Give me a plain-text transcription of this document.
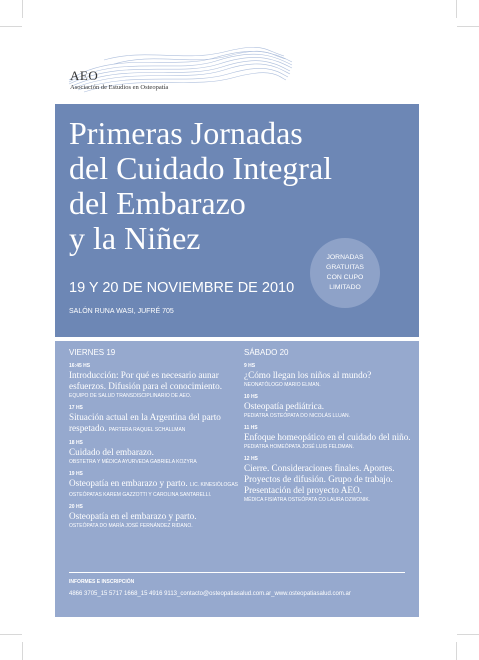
AEO
Asociación de Estudios en Osteopatía
Primeras Jornadas
del Cuidado Integral
del Embarazo
y la Niñez
JORNADAS
GRATUITAS
CON CUPO
LIMITADO
19 Y 20 DE NOVIEMBRE DE 2010
SALÓN RUNA WASI, JUFRÉ 705
VIERNES 19
16:45 HS
Introducción: Por qué es necesario aunar esfuerzos. Difusión para el conocimiento.
EQUIPO DE SALUD TRANSDISCIPLINARIO DE AEO.
17 HS
Situación actual en la Argentina del parto respetado. PARTERA RAQUEL SCHALLMAN
18 HS
Cuidado del embarazo.
OBSTETRA Y MÉDICA AYURVEDA GABRIELA KOZYRA
19 HS
Osteopatía en embarazo y parto. LIC. KINESIÓLOGAS
OSTEÓPATAS KAREM GAZZOTTI Y CAROLINA SANTARELLI.
20 HS
Osteopatía en el embarazo y parto.
OSTEÓPATA DO MARÍA JOSÉ FERNÁNDEZ RIDANO.
SÁBADO 20
9 HS
¿Cómo llegan los niños al mundo?
NEONATÓLOGO MARIO ELMAN.
10 HS
Osteopatía pediátrica.
PEDIATRA OSTEÓPATA DO NICOLÁS LLUAN.
11 HS
Enfoque homeopático en el cuidado del niño.
PEDIATRA HOMEÓPATA JOSÉ LUIS FELDMAN.
12 HS
Cierre. Consideraciones finales. Aportes. Proyectos de difusión. Grupo de trabajo. Presentación del proyecto AEO.
MÉDICA FISIATRA OSTEÓPATA CO LAURA DZWONIK.
INFORMES E INSCRIPCIÓN
4866 3705_15 5717 1668_15 4916 9113_contacto@osteopatiasalud.com.ar_www.osteopatiasalud.com.ar
